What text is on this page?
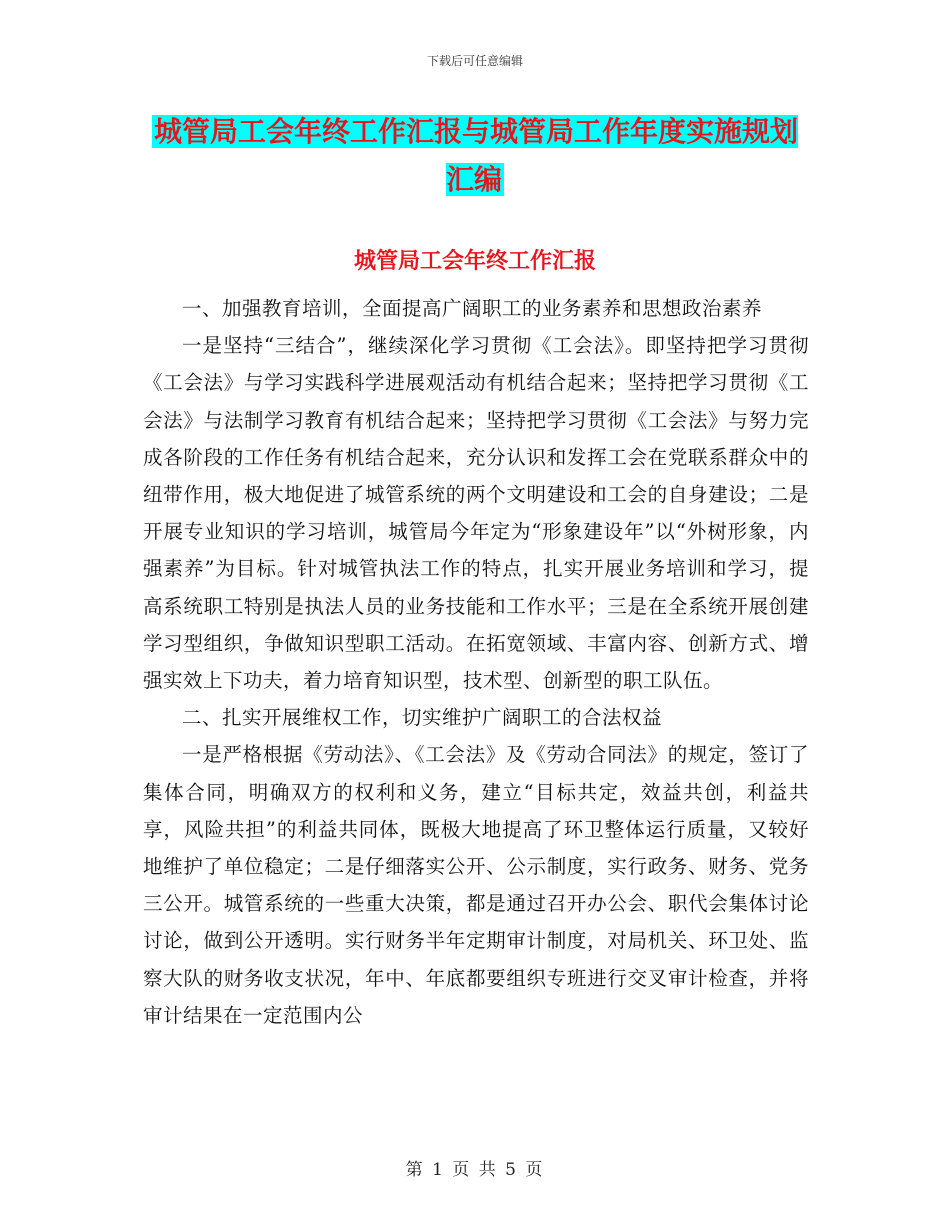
下载后可任意编辑
城管局工会年终工作汇报与城管局工作年度实施规划汇编
城管局工会年终工作汇报

一、加强教育培训，全面提高广阔职工的业务素养和思想政治素养

一是坚持“三结合”，继续深化学习贯彻《工会法》。即坚持把学习贯彻《工会法》与学习实践科学进展观活动有机结合起来；坚持把学习贯彻《工会法》与法制学习教育有机结合起来；坚持把学习贯彻《工会法》与努力完成各阶段的工作任务有机结合起来，充分认识和发挥工会在党联系群众中的纽带作用，极大地促进了城管系统的两个文明建设和工会的自身建设；二是开展专业知识的学习培训，城管局今年定为“形象建设年”以“外树形象，内强素养”为目标。针对城管执法工作的特点，扎实开展业务培训和学习，提高系统职工特别是执法人员的业务技能和工作水平；三是在全系统开展创建学习型组织，争做知识型职工活动。在拓宽领域、丰富内容、创新方式、增强实效上下功夫，着力培育知识型，技术型、创新型的职工队伍。

二、扎实开展维权工作，切实维护广阔职工的合法权益

一是严格根据《劳动法》、《工会法》及《劳动合同法》的规定，签订了集体合同，明确双方的权利和义务，建立“目标共定，效益共创，利益共享，风险共担”的利益共同体，既极大地提高了环卫整体运行质量，又较好地维护了单位稳定；二是仔细落实公开、公示制度，实行政务、财务、党务三公开。城管系统的一些重大决策，都是通过召开办公会、职代会集体讨论讨论，做到公开透明。实行财务半年定期审计制度，对局机关、环卫处、监察大队的财务收支状况，年中、年底都要组织专班进行交叉审计检查，并将审计结果在一定范围内公

第 1 页 共 5 页
